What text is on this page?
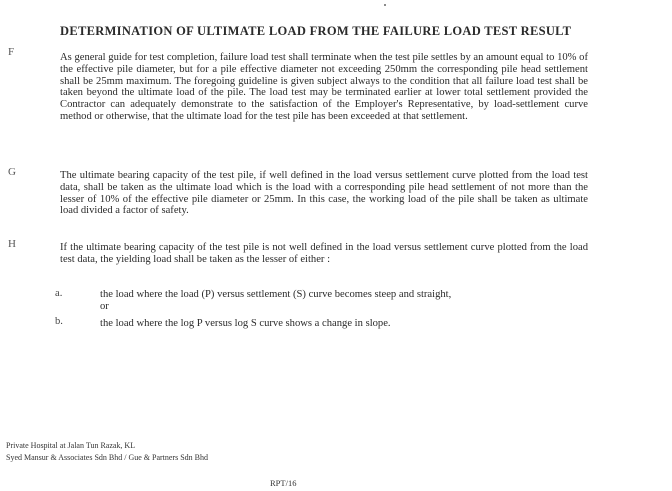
DETERMINATION OF ULTIMATE LOAD FROM THE FAILURE LOAD TEST RESULT
F	As general guide for test completion, failure load test shall terminate when the test pile settles by an amount equal to 10% of the effective pile diameter, but for a pile effective diameter not exceeding 250mm the corresponding pile head settlement shall be 25mm maximum. The foregoing guideline is given subject always to the condition that all failure load test shall be taken beyond the ultimate load of the pile. The load test may be terminated earlier at lower total settlement provided the Contractor can adequately demonstrate to the satisfaction of the Employer's Representative, by load-settlement curve method or otherwise, that the ultimate load for the test pile has been exceeded at that settlement.
G	The ultimate bearing capacity of the test pile, if well defined in the load versus settlement curve plotted from the load test data, shall be taken as the ultimate load which is the load with a corresponding pile head settlement of not more than the lesser of 10% of the effective pile diameter or 25mm. In this case, the working load of the pile shall be taken as ultimate load divided a factor of safety.
H	If the ultimate bearing capacity of the test pile is not well defined in the load versus settlement curve plotted from the load test data, the yielding load shall be taken as the lesser of either :
a.	the load where the load (P) versus settlement (S) curve becomes steep and straight,
or
b.	the load where the log P versus log S curve shows a change in slope.
Private Hospital at Jalan Tun Razak, KL
Syed Mansur & Associates Sdn Bhd / Gue & Partners Sdn Bhd
RPT/16
